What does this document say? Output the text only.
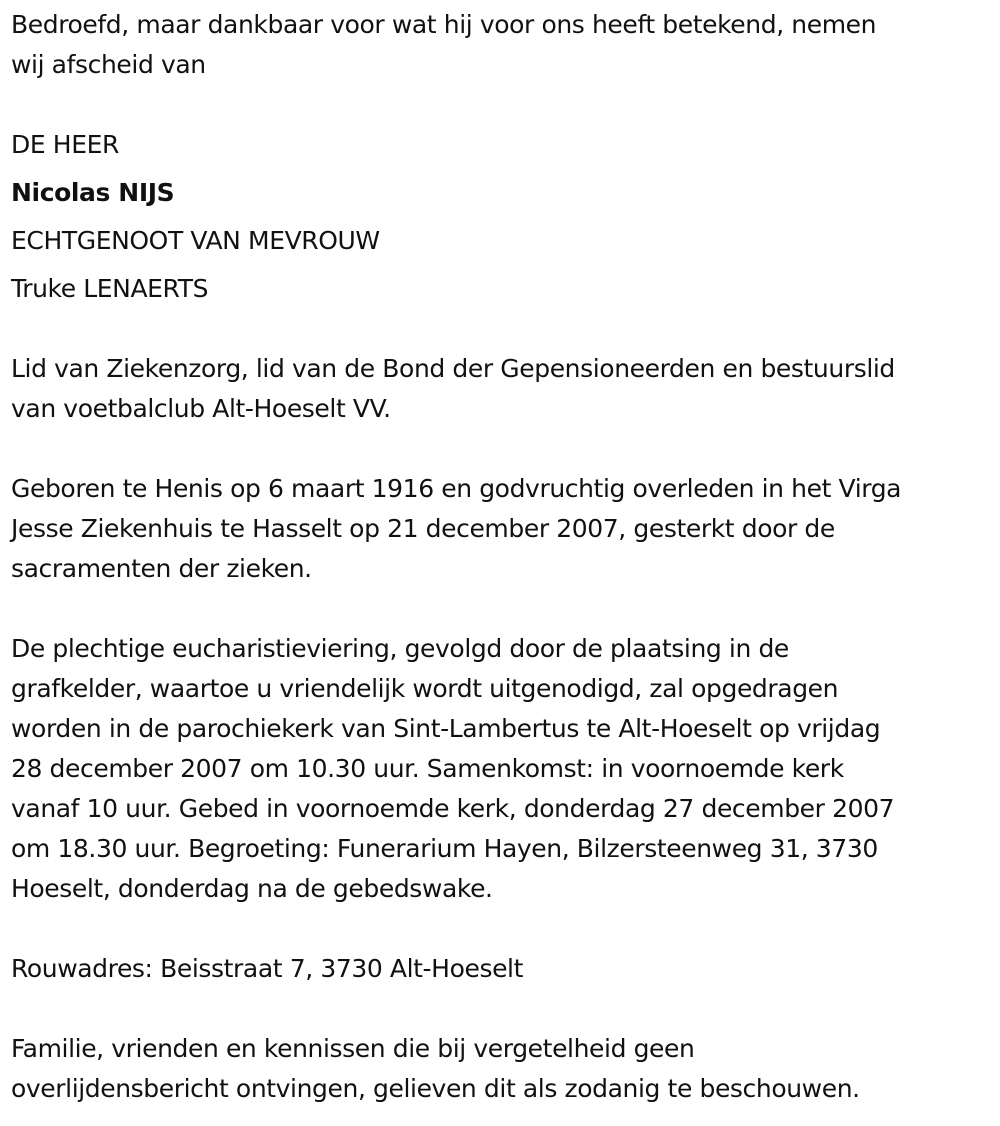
Bedroefd, maar dankbaar voor wat hij voor ons heeft betekend, nemen
wij afscheid van
DE HEER
Nicolas NIJS
ECHTGENOOT VAN MEVROUW
Truke LENAERTS
Lid van Ziekenzorg, lid van de Bond der Gepensioneerden en bestuurslid
van voetbalclub Alt-Hoeselt VV.
Geboren te Henis op 6 maart 1916 en godvruchtig overleden in het Virga
Jesse Ziekenhuis te Hasselt op 21 december 2007, gesterkt door de
sacramenten der zieken.
De plechtige eucharistieviering, gevolgd door de plaatsing in de
grafkelder, waartoe u vriendelijk wordt uitgenodigd, zal opgedragen
worden in de parochiekerk van Sint-Lambertus te Alt-Hoeselt op vrijdag
28 december 2007 om 10.30 uur. Samenkomst: in voornoemde kerk
vanaf 10 uur. Gebed in voornoemde kerk, donderdag 27 december 2007
om 18.30 uur. Begroeting: Funerarium Hayen, Bilzersteenweg 31, 3730
Hoeselt, donderdag na de gebedswake.
Rouwadres: Beisstraat 7, 3730 Alt-Hoeselt
Familie, vrienden en kennissen die bij vergetelheid geen
overlijdensbericht ontvingen, gelieven dit als zodanig te beschouwen.
